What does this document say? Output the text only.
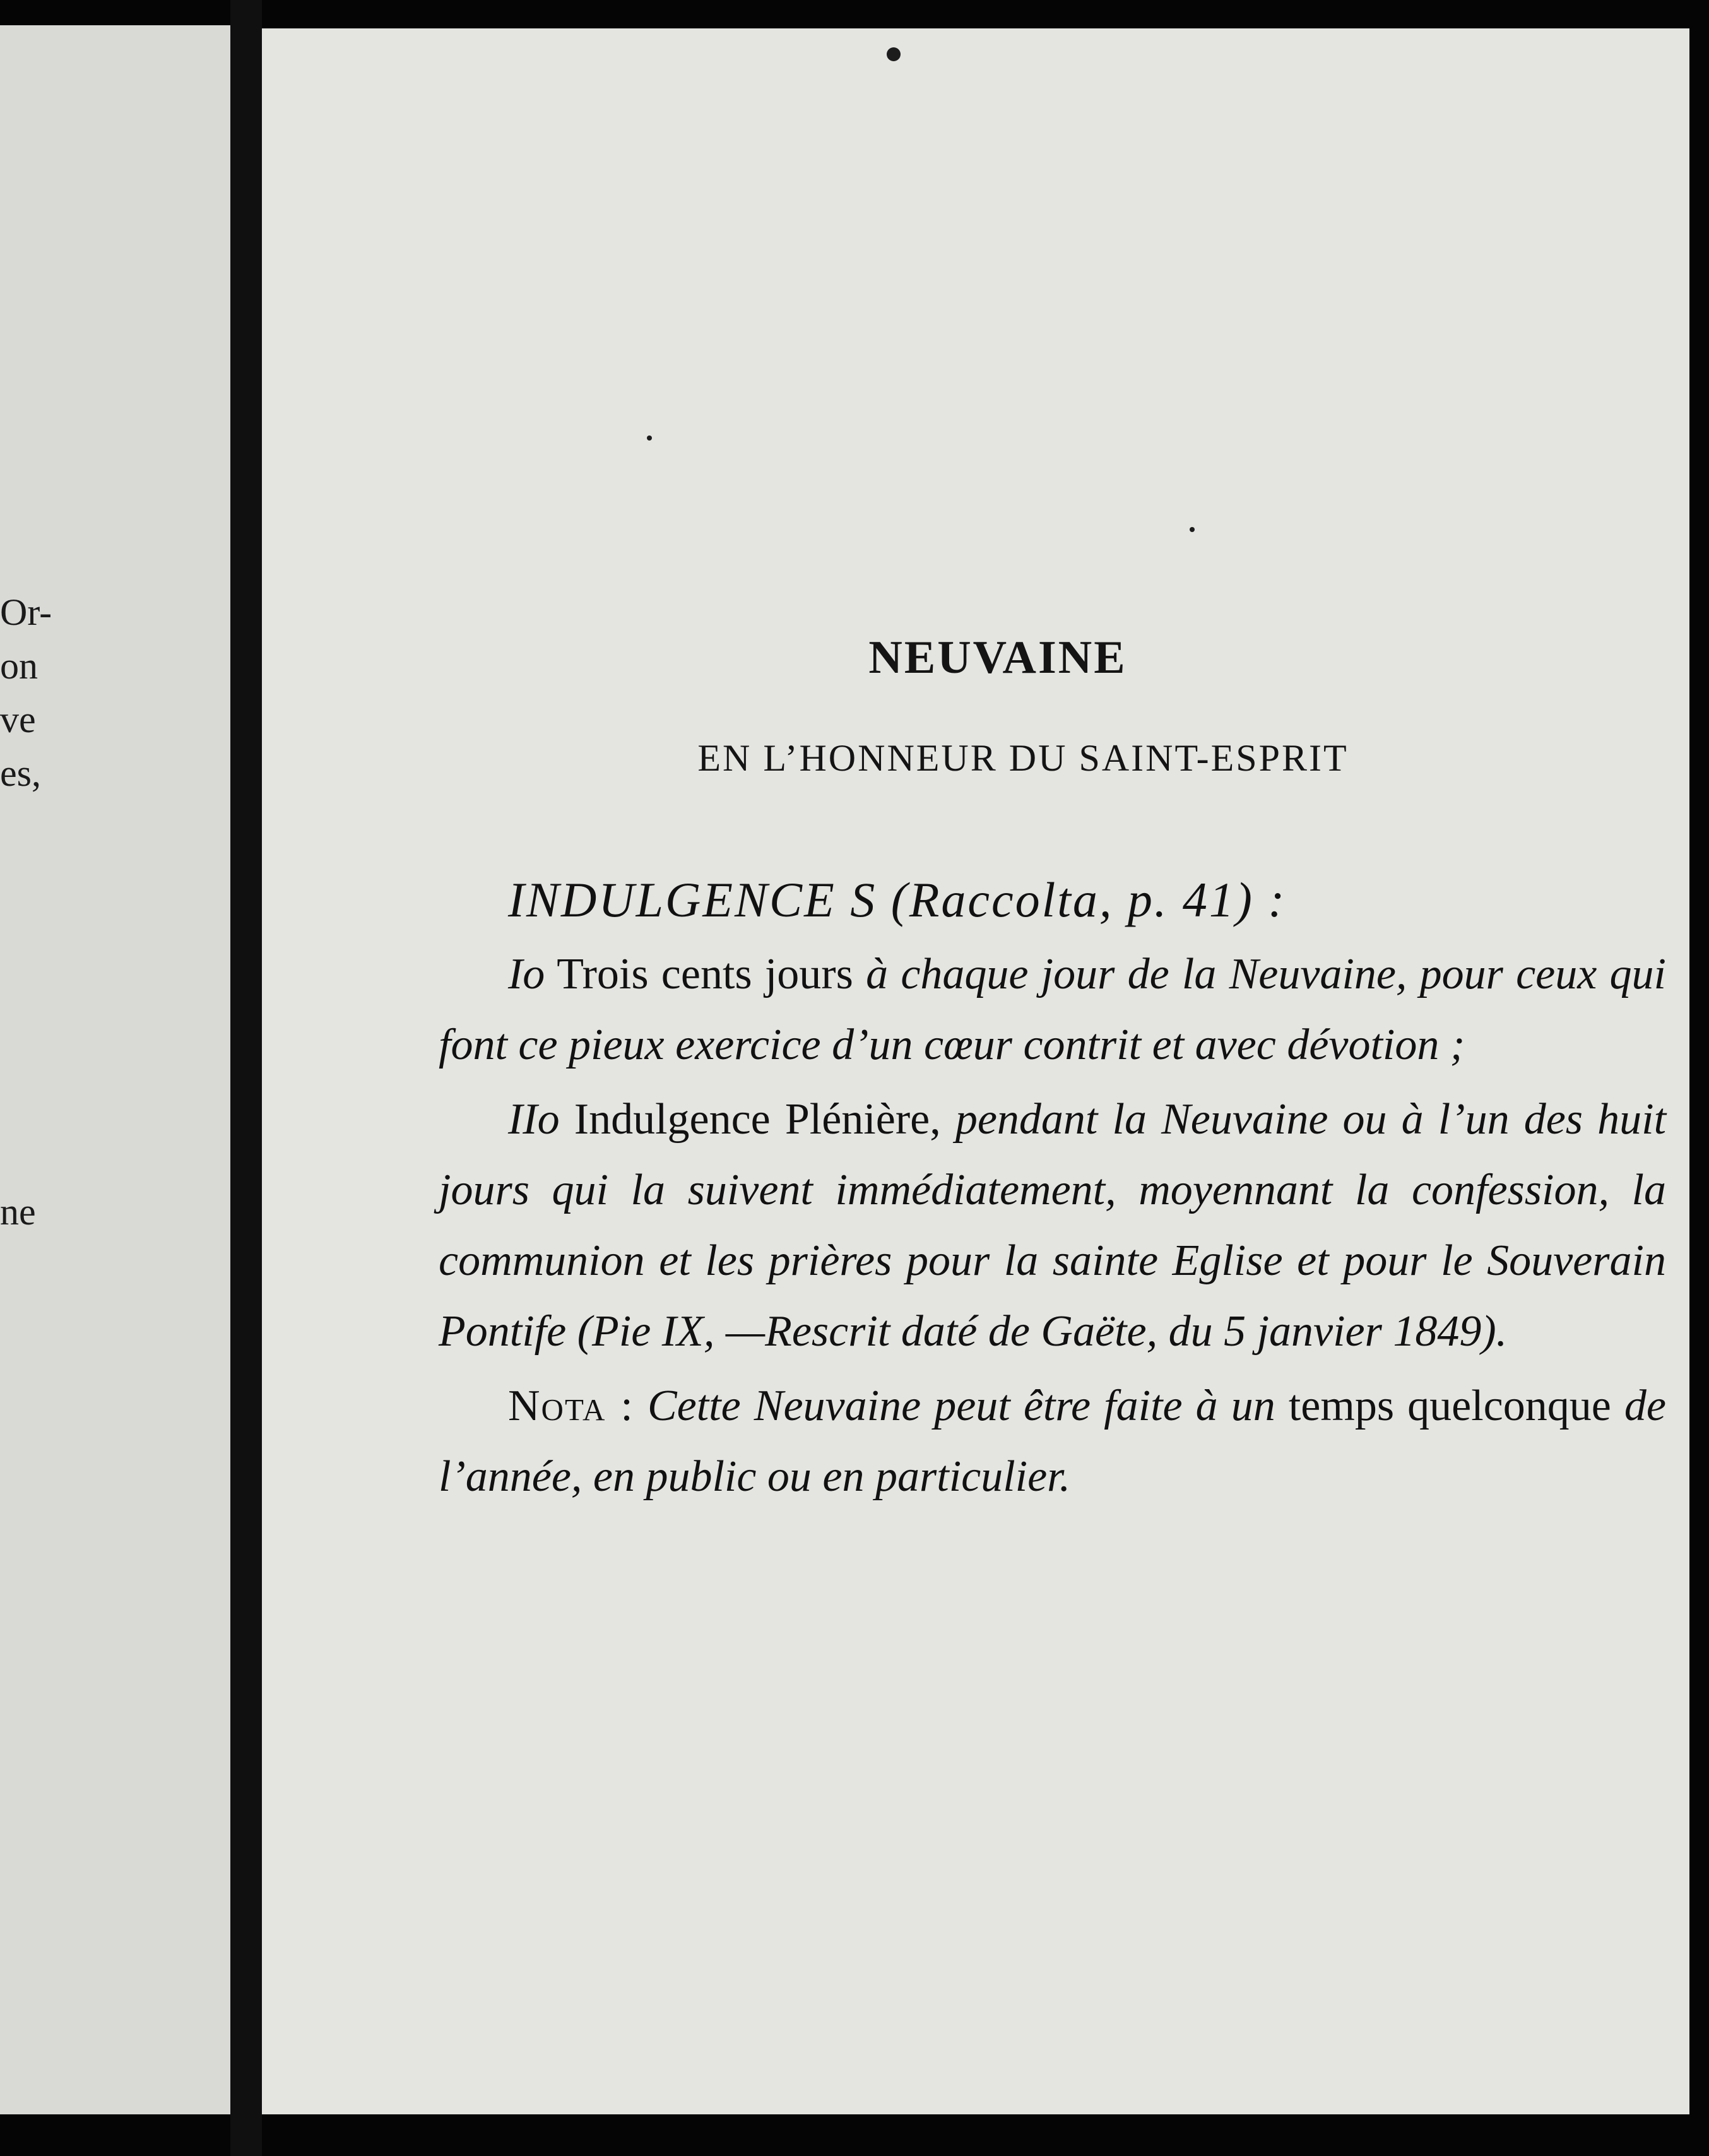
Or-
on
ve
es,
ne
NEUVAINE
EN L’HONNEUR DU SAINT-ESPRIT

INDULGENCE S (Raccolta, p. 41) :

Io Trois cents jours à chaque jour de la Neuvaine, pour ceux qui font ce pieux exercice d’un cœur contrit et avec dévotion ;

IIo Indulgence Plénière, pendant la Neuvaine ou à l’un des huit jours qui la suivent immédiatement, moyennant la confession, la communion et les prières pour la sainte Eglise et pour le Souverain Pontife (Pie IX, —Rescrit daté de Gaëte, du 5 janvier 1849).

Nota : Cette Neuvaine peut être faite à un temps quelconque de l’année, en public ou en particulier.
